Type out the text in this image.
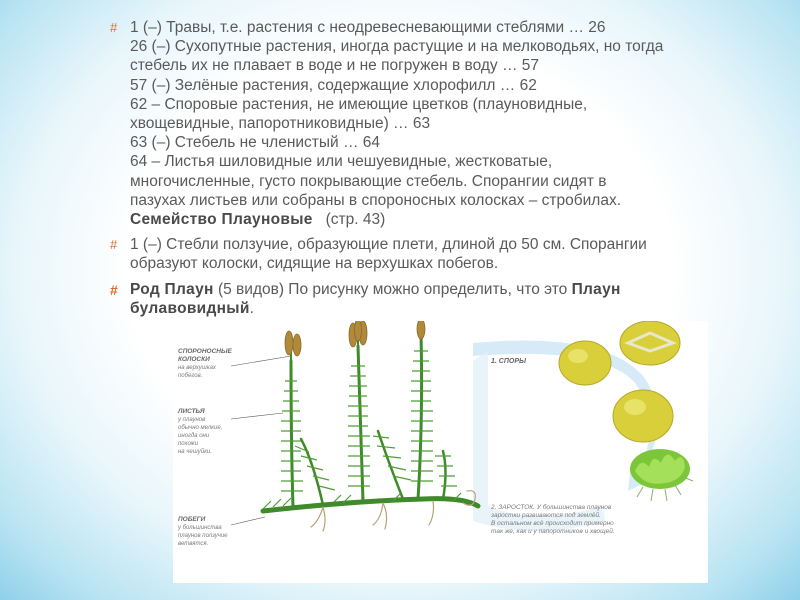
# 1 (–) Травы, т.е. растения с неодревесневающими стеблями … 26
26 (–) Сухопутные растения, иногда растущие и на мелководьях, но тогда
стебель их не плавает в воде и не погружен в воду … 57
57 (–) Зелёные растения, содержащие хлорофилл … 62
62 – Споровые растения, не имеющие цветков (плауновидные,
хвощевидные, папоротниковидные) … 63
63 (–) Стебель не членистый … 64
64 – Листья шиловидные или чешуевидные, жестковатые,
многочисленные, густо покрывающие стебель. Спорангии сидят в
пазухах листьев или собраны в спороносных колосках – стробилах.
Семейство Плауновые (стр. 43)
# 1 (–) Стебли ползучие, образующие плети, длиной до 50 см. Спорангии
образуют колоски, сидящие на верхушках побегов.
# Род Плаун (5 видов) По рисунку можно определить, что это Плаун
булавовидный.
1. СПОРЫ
2. ЗАРОСТОК. У большинства плаунов
заростки развиваются под землёй.
В остальном всё происходит примерно
так же, как и у папоротников и хвощей.
СПОРОНОСНЫЕ
КОЛОСКИ
на верхушках
побегов.
ЛИСТЬЯ
у плаунов
обычно мелкие,
иногда они
похожи
на чешуйки.
ПОБЕГИ
у большинства
плаунов ползучие
ветвятся.
